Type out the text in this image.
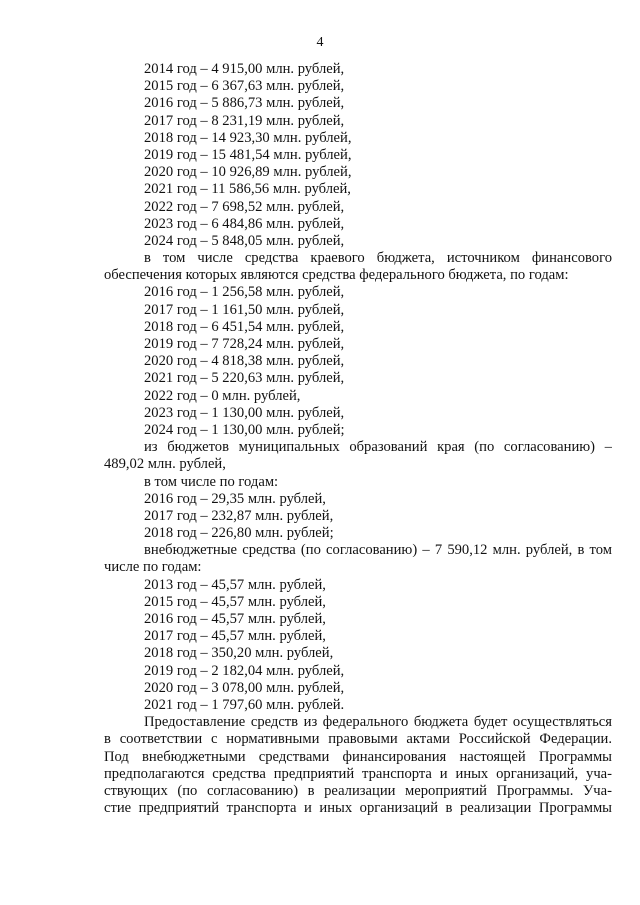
4
2014 год – 4 915,00 млн. рублей,
2015 год – 6 367,63 млн. рублей,
2016 год – 5 886,73 млн. рублей,
2017 год – 8 231,19 млн. рублей,
2018 год – 14 923,30 млн. рублей,
2019 год – 15 481,54 млн. рублей,
2020 год – 10 926,89 млн. рублей,
2021 год – 11 586,56 млн. рублей,
2022 год – 7 698,52 млн. рублей,
2023 год – 6 484,86 млн. рублей,
2024 год – 5 848,05 млн. рублей,
в том числе средства краевого бюджета, источником финансового
обеспечения которых являются средства федерального бюджета, по годам:
2016 год – 1 256,58 млн. рублей,
2017 год – 1 161,50 млн. рублей,
2018 год – 6 451,54 млн. рублей,
2019 год – 7 728,24 млн. рублей,
2020 год – 4 818,38 млн. рублей,
2021 год – 5 220,63 млн. рублей,
2022 год – 0 млн. рублей,
2023 год – 1 130,00 млн. рублей,
2024 год – 1 130,00 млн. рублей;
из бюджетов муниципальных образований края (по согласованию) –
489,02 млн. рублей,
в том числе по годам:
2016 год – 29,35 млн. рублей,
2017 год – 232,87 млн. рублей,
2018 год – 226,80 млн. рублей;
внебюджетные средства (по согласованию) – 7 590,12 млн. рублей, в том
числе по годам:
2013 год – 45,57 млн. рублей,
2015 год – 45,57 млн. рублей,
2016 год – 45,57 млн. рублей,
2017 год – 45,57 млн. рублей,
2018 год – 350,20 млн. рублей,
2019 год – 2 182,04 млн. рублей,
2020 год – 3 078,00 млн. рублей,
2021 год – 1 797,60 млн. рублей.
Предоставление средств из федерального бюджета будет осуществляться
в соответствии с нормативными правовыми актами Российской Федерации.
Под внебюджетными средствами финансирования настоящей Программы
предполагаются средства предприятий транспорта и иных организаций, уча-
ствующих (по согласованию) в реализации мероприятий Программы. Уча-
стие предприятий транспорта и иных организаций в реализации Программы
